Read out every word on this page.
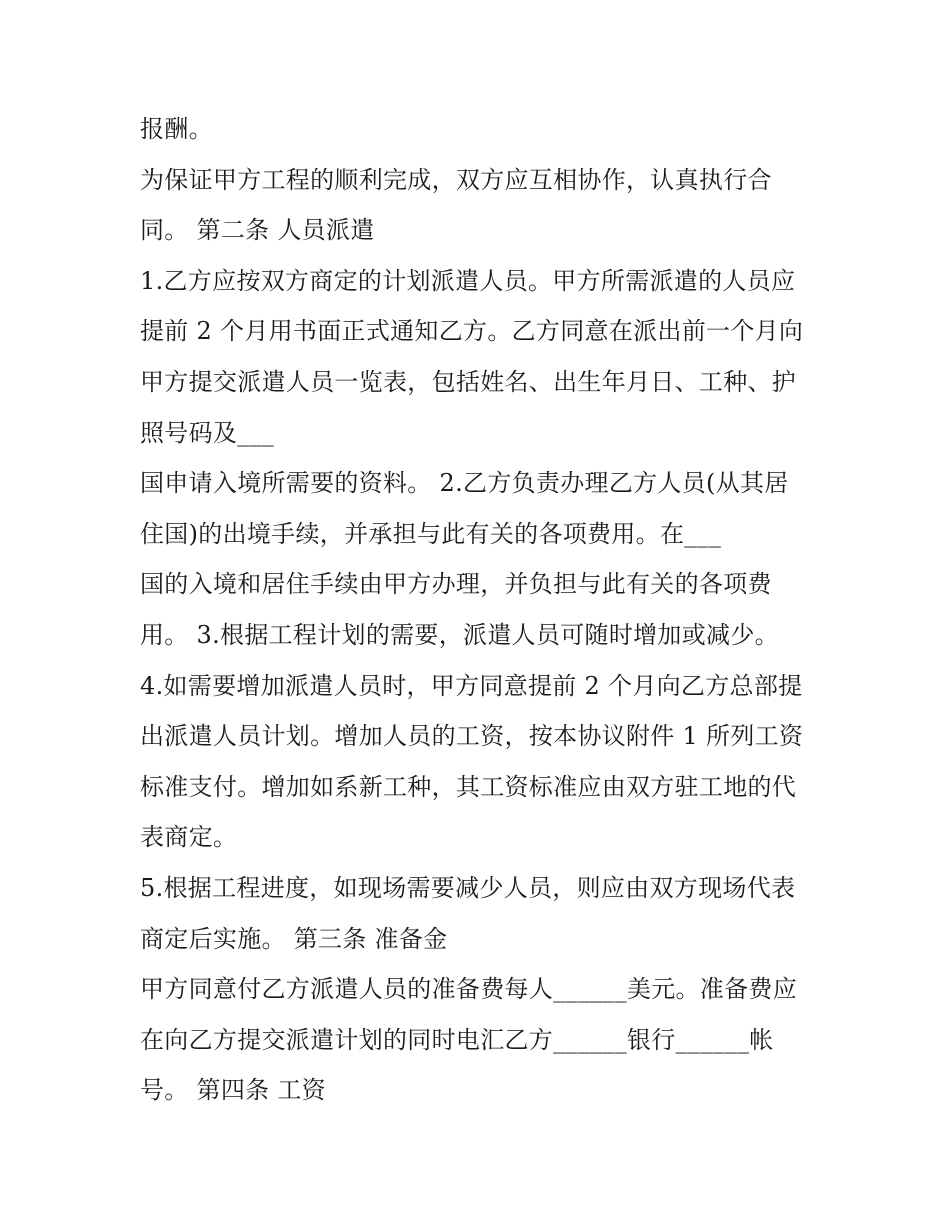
报酬。
为保证甲方工程的顺利完成，双方应互相协作，认真执行合
同。 第二条 人员派遣
1.乙方应按双方商定的计划派遣人员。甲方所需派遣的人员应
提前 2 个月用书面正式通知乙方。乙方同意在派出前一个月向
甲方提交派遣人员一览表，包括姓名、出生年月日、工种、护
照号码及___
国申请入境所需要的资料。 2.乙方负责办理乙方人员(从其居
住国)的出境手续，并承担与此有关的各项费用。在___
国的入境和居住手续由甲方办理，并负担与此有关的各项费
用。 3.根据工程计划的需要，派遣人员可随时增加或减少。
4.如需要增加派遣人员时，甲方同意提前 2 个月向乙方总部提
出派遣人员计划。增加人员的工资，按本协议附件 1 所列工资
标准支付。增加如系新工种，其工资标准应由双方驻工地的代
表商定。
5.根据工程进度，如现场需要减少人员，则应由双方现场代表
商定后实施。 第三条 准备金
甲方同意付乙方派遣人员的准备费每人______美元。准备费应
在向乙方提交派遣计划的同时电汇乙方______银行______帐
号。 第四条 工资
